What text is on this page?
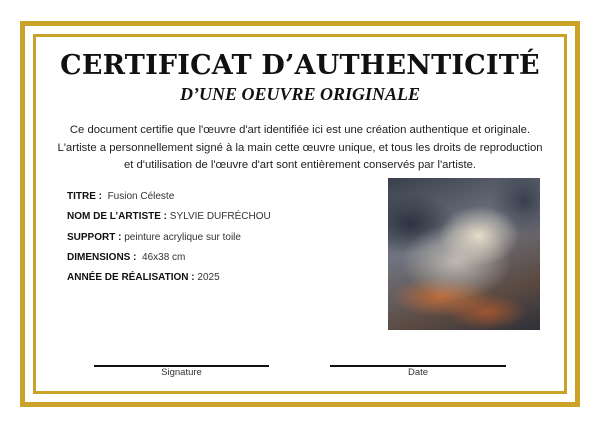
CERTIFICAT D’AUTHENTICITÉ
D’UNE OEUVRE ORIGINALE

Ce document certifie que l'œuvre d'art identifiée ici est une création authentique et originale. L'artiste a personnellement signé à la main cette œuvre unique, et tous les droits de reproduction et d'utilisation de l'œuvre d'art sont entièrement conservés par l'artiste.

TITRE : Fusion Céleste
NOM DE L’ARTISTE : SYLVIE DUFRÉCHOU
SUPPORT : peinture acrylique sur toile
DIMENSIONS : 46x38 cm
ANNÉE DE RÉALISATION : 2025
Signature	Date
